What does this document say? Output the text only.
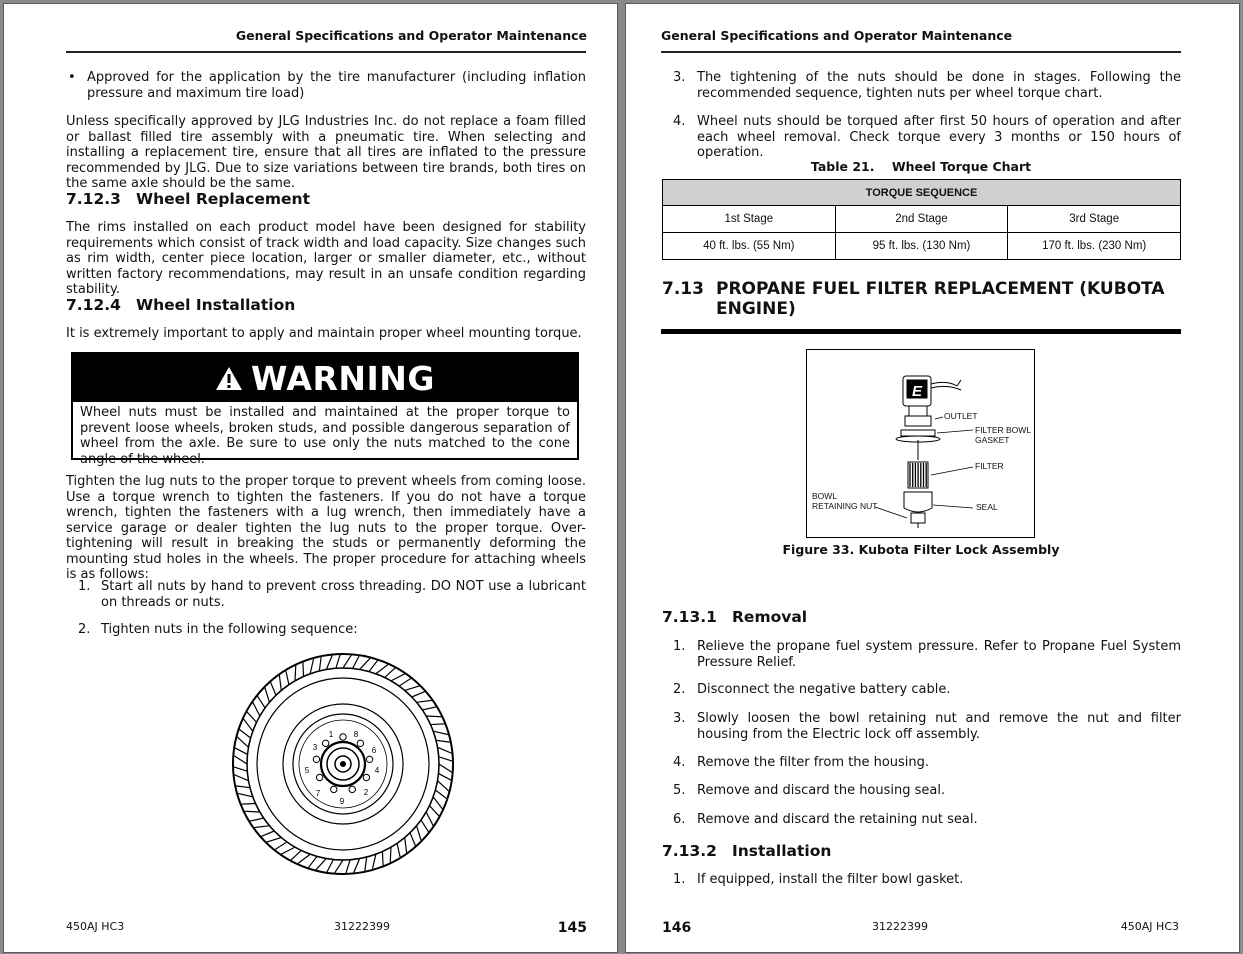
General Specifications and Operator Maintenance
• Approved for the application by the tire manufacturer (including inflation pressure and maximum tire load)
Unless specifically approved by JLG Industries Inc. do not replace a foam filled or ballast filled tire assembly with a pneumatic tire. When selecting and installing a replacement tire, ensure that all tires are inflated to the pressure recommended by JLG. Due to size variations between tire brands, both tires on the same axle should be the same.
7.12.3 Wheel Replacement
The rims installed on each product model have been designed for stability requirements which consist of track width and load capacity. Size changes such as rim width, center piece location, larger or smaller diameter, etc., without written factory recommendations, may result in an unsafe condition regarding stability.
7.12.4 Wheel Installation
It is extremely important to apply and maintain proper wheel mounting torque.
WARNING
Wheel nuts must be installed and maintained at the proper torque to prevent loose wheels, broken studs, and possible dangerous separation of wheel from the axle. Be sure to use only the nuts matched to the cone angle of the wheel.
Tighten the lug nuts to the proper torque to prevent wheels from coming loose. Use a torque wrench to tighten the fasteners. If you do not have a torque wrench, tighten the fasteners with a lug wrench, then immediately have a service garage or dealer tighten the lug nuts to the proper torque. Over-tightening will result in breaking the studs or permanently deforming the mounting stud holes in the wheels. The proper procedure for attaching wheels is as follows:
1. Start all nuts by hand to prevent cross threading. DO NOT use a lubricant on threads or nuts.
2. Tighten nuts in the following sequence:
1
2
3
4
5
6
7
8
9
450AJ HC3	31222399	145
General Specifications and Operator Maintenance
3. The tightening of the nuts should be done in stages. Following the recommended sequence, tighten nuts per wheel torque chart.
4. Wheel nuts should be torqued after first 50 hours of operation and after each wheel removal. Check torque every 3 months or 150 hours of operation.
Table 21.    Wheel Torque Chart
TORQUE SEQUENCE		
1st Stage	2nd Stage	3rd Stage
40 ft. lbs. (55 Nm)	95 ft. lbs. (130 Nm)	170 ft. lbs. (230 Nm)
7.13 PROPANE FUEL FILTER REPLACEMENT (KUBOTA
ENGINE)
E
OUTLET
FILTER BOWL
GASKET
FILTER
SEAL
BOWL
RETAINING NUT
Figure 33. Kubota Filter Lock Assembly
7.13.1 Removal
7.13.2 Installation
1. If equipped, install the filter bowl gasket.
146	31222399	450AJ HC3
1. Relieve the propane fuel system pressure. Refer to Propane Fuel System Pressure Relief.
2. Disconnect the negative battery cable.
3. Slowly loosen the bowl retaining nut and remove the nut and filter housing from the Electric lock off assembly.
4. Remove the filter from the housing.
5. Remove and discard the housing seal.
6. Remove and discard the retaining nut seal.
